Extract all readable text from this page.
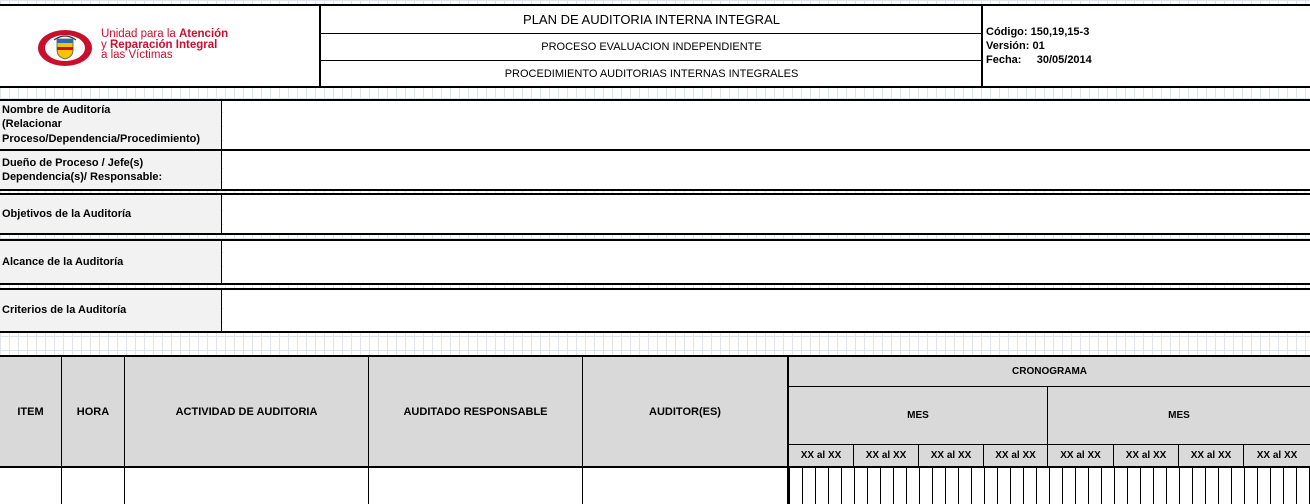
Unidad para la Atención
y Reparación Integral
a las Víctimas
PLAN DE AUDITORIA INTERNA INTEGRAL
PROCESO EVALUACION INDEPENDIENTE
PROCEDIMIENTO AUDITORIAS INTERNAS INTEGRALES
Código: 150,19,15-3
Versión: 01
Fecha:     30/05/2014
Nombre de Auditoría
(Relacionar
Proceso/Dependencia/Procedimiento)
Dueño de Proceso / Jefe(s)
Dependencia(s)/ Responsable:
Objetivos de la Auditoría
Alcance de la Auditoría
Criterios de la Auditoría
ITEM	HORA	ACTIVIDAD DE AUDITORIA	AUDITADO RESPONSABLE	AUDITOR(ES)
CRONOGRAMA
MES	MES
XX al XX	XX al XX	XX al XX	XX al XX	XX al XX	XX al XX	XX al XX	XX al XX
